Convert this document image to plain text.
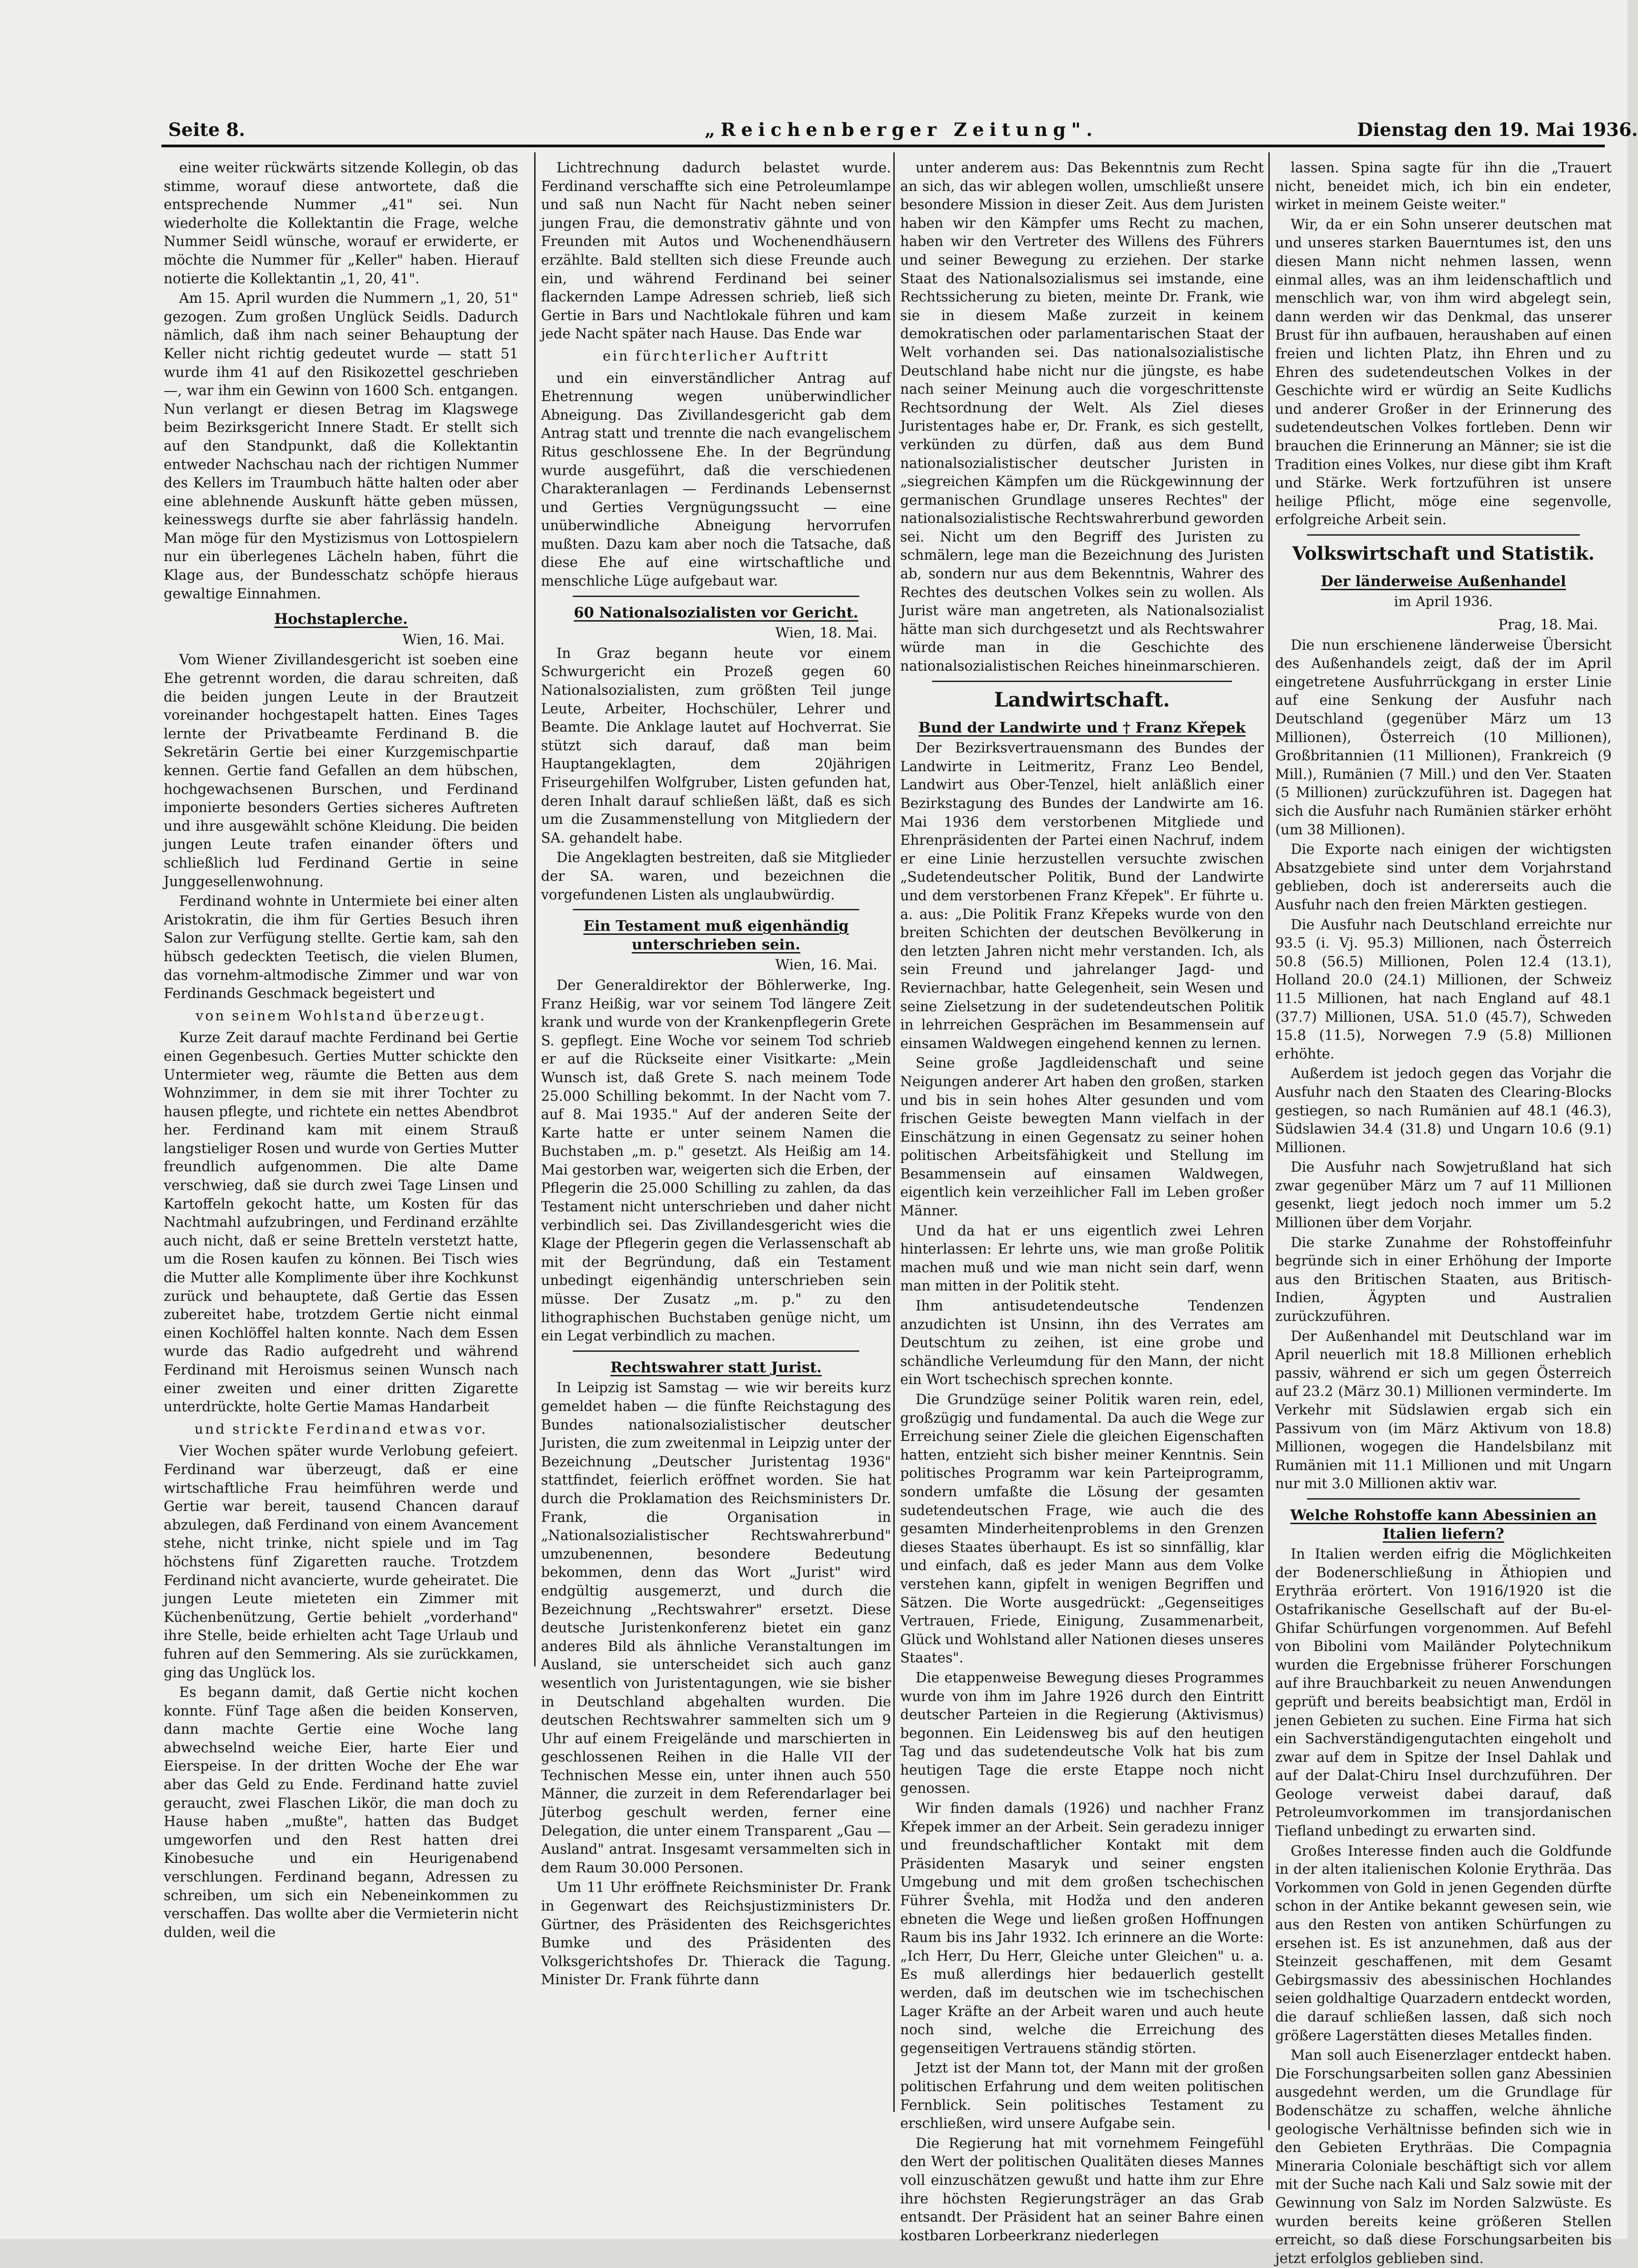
Seite 8.	„Reichenberger Zeitung".	Dienstag den 19. Mai 1936.

eine weiter rückwärts sitzende Kollegin, ob das stimme, worauf diese antwortete, daß die entsprechende Nummer „41" sei. Nun wiederholte die Kollektantin die Frage, welche Nummer Seidl wünsche, worauf er erwiderte, er möchte die Nummer für „Keller" haben. Hierauf notierte die Kollektantin „1, 20, 41".

Am 15. April wurden die Nummern „1, 20, 51" gezogen. Zum großen Unglück Seidls. Dadurch nämlich, daß ihm nach seiner Behauptung der Keller nicht richtig gedeutet wurde — statt 51 wurde ihm 41 auf den Risikozettel geschrieben —, war ihm ein Gewinn von 1600 Sch. entgangen. Nun verlangt er diesen Betrag im Klagswege beim Bezirksgericht Innere Stadt. Er stellt sich auf den Standpunkt, daß die Kollektantin entweder Nachschau nach der richtigen Nummer des Kellers im Traumbuch hätte halten oder aber eine ablehnende Auskunft hätte geben müssen, keinesswegs durfte sie aber fahrlässig handeln. Man möge für den Mystizismus von Lottospielern nur ein überlegenes Lächeln haben, führt die Klage aus, der Bundesschatz schöpfe hieraus gewaltige Einnahmen.

Hochstaplerche.
Wien, 16. Mai.

Vom Wiener Zivillandesgericht ist soeben eine Ehe getrennt worden, die darau schreiten, daß die beiden jungen Leute in der Brautzeit voreinander hochgestapelt hatten. Eines Tages lernte der Privatbeamte Ferdinand B. die Sekretärin Gertie bei einer Kurzgemischpartie kennen. Gertie fand Gefallen an dem hübschen, hochgewachsenen Burschen, und Ferdinand imponierte besonders Gerties sicheres Auftreten und ihre ausgewählt schöne Kleidung. Die beiden jungen Leute trafen einander öfters und schließlich lud Ferdinand Gertie in seine Junggesellenwohnung.

Ferdinand wohnte in Untermiete bei einer alten Aristokratin, die ihm für Gerties Besuch ihren Salon zur Verfügung stellte. Gertie kam, sah den hübsch gedeckten Teetisch, die vielen Blumen, das vornehm-altmodische Zimmer und war von Ferdinands Geschmack begeistert und

von seinem Wohlstand überzeugt.

Kurze Zeit darauf machte Ferdinand bei Gertie einen Gegenbesuch. Gerties Mutter schickte den Untermieter weg, räumte die Betten aus dem Wohnzimmer, in dem sie mit ihrer Tochter zu hausen pflegte, und richtete ein nettes Abendbrot her. Ferdinand kam mit einem Strauß langstieliger Rosen und wurde von Gerties Mutter freundlich aufgenommen. Die alte Dame verschwieg, daß sie durch zwei Tage Linsen und Kartoffeln gekocht hatte, um Kosten für das Nachtmahl aufzubringen, und Ferdinand erzählte auch nicht, daß er seine Bretteln verstetzt hatte, um die Rosen kaufen zu können. Bei Tisch wies die Mutter alle Komplimente über ihre Kochkunst zurück und behauptete, daß Gertie das Essen zubereitet habe, trotzdem Gertie nicht einmal einen Kochlöffel halten konnte. Nach dem Essen wurde das Radio aufgedreht und während Ferdinand mit Heroismus seinen Wunsch nach einer zweiten und einer dritten Zigarette unterdrückte, holte Gertie Mamas Handarbeit

und strickte Ferdinand etwas vor.

Vier Wochen später wurde Verlobung gefeiert. Ferdinand war überzeugt, daß er eine wirtschaftliche Frau heimführen werde und Gertie war bereit, tausend Chancen darauf abzulegen, daß Ferdinand von einem Avancement stehe, nicht trinke, nicht spiele und im Tag höchstens fünf Zigaretten rauche. Trotzdem Ferdinand nicht avancierte, wurde geheiratet. Die jungen Leute mieteten ein Zimmer mit Küchenbenützung, Gertie behielt „vorderhand" ihre Stelle, beide erhielten acht Tage Urlaub und fuhren auf den Semmering. Als sie zurückkamen, ging das Unglück los.

Es begann damit, daß Gertie nicht kochen konnte. Fünf Tage aßen die beiden Konserven, dann machte Gertie eine Woche lang abwechselnd weiche Eier, harte Eier und Eierspeise. In der dritten Woche der Ehe war aber das Geld zu Ende. Ferdinand hatte zuviel geraucht, zwei Flaschen Likör, die man doch zu Hause haben „mußte", hatten das Budget umgeworfen und den Rest hatten drei Kinobesuche und ein Heurigenabend verschlungen. Ferdinand begann, Adressen zu schreiben, um sich ein Nebeneinkommen zu verschaffen. Das wollte aber die Vermieterin nicht dulden, weil die

Lichtrechnung dadurch belastet wurde. Ferdinand verschaffte sich eine Petroleumlampe und saß nun Nacht für Nacht neben seiner jungen Frau, die demonstrativ gähnte und von Freunden mit Autos und Wochenendhäusern erzählte. Bald stellten sich diese Freunde auch ein, und während Ferdinand bei seiner flackernden Lampe Adressen schrieb, ließ sich Gertie in Bars und Nachtlokale führen und kam jede Nacht später nach Hause. Das Ende war

ein fürchterlicher Auftritt

und ein einverständlicher Antrag auf Ehetrennung wegen unüberwindlicher Abneigung. Das Zivillandesgericht gab dem Antrag statt und trennte die nach evangelischem Ritus geschlossene Ehe. In der Begründung wurde ausgeführt, daß die verschiedenen Charakteranlagen — Ferdinands Lebensernst und Gerties Vergnügungssucht — eine unüberwindliche Abneigung hervorrufen mußten. Dazu kam aber noch die Tatsache, daß diese Ehe auf eine wirtschaftliche und menschliche Lüge aufgebaut war.

60 Nationalsozialisten vor Gericht.
Wien, 18. Mai.

In Graz begann heute vor einem Schwurgericht ein Prozeß gegen 60 Nationalsozialisten, zum größten Teil junge Leute, Arbeiter, Hochschüler, Lehrer und Beamte. Die Anklage lautet auf Hochverrat. Sie stützt sich darauf, daß man beim Hauptangeklagten, dem 20jährigen Friseurgehilfen Wolfgruber, Listen gefunden hat, deren Inhalt darauf schließen läßt, daß es sich um die Zusammenstellung von Mitgliedern der SA. gehandelt habe.

Die Angeklagten bestreiten, daß sie Mitglieder der SA. waren, und bezeichnen die vorgefundenen Listen als unglaubwürdig.

Ein Testament muß eigenhändig unterschrieben sein.
Wien, 16. Mai.

Der Generaldirektor der Böhlerwerke, Ing. Franz Heißig, war vor seinem Tod längere Zeit krank und wurde von der Krankenpflegerin Grete S. gepflegt. Eine Woche vor seinem Tod schrieb er auf die Rückseite einer Visitkarte: „Mein Wunsch ist, daß Grete S. nach meinem Tode 25.000 Schilling bekommt. In der Nacht vom 7. auf 8. Mai 1935." Auf der anderen Seite der Karte hatte er unter seinem Namen die Buchstaben „m. p." gesetzt. Als Heißig am 14. Mai gestorben war, weigerten sich die Erben, der Pflegerin die 25.000 Schilling zu zahlen, da das Testament nicht unterschrieben und daher nicht verbindlich sei. Das Zivillandesgericht wies die Klage der Pflegerin gegen die Verlassenschaft ab mit der Begründung, daß ein Testament unbedingt eigenhändig unterschrieben sein müsse. Der Zusatz „m. p." zu den lithographischen Buchstaben genüge nicht, um ein Legat verbindlich zu machen.

Rechtswahrer statt Jurist.

In Leipzig ist Samstag — wie wir bereits kurz gemeldet haben — die fünfte Reichstagung des Bundes nationalsozialistischer deutscher Juristen, die zum zweitenmal in Leipzig unter der Bezeichnung „Deutscher Juristentag 1936" stattfindet, feierlich eröffnet worden. Sie hat durch die Proklamation des Reichsministers Dr. Frank, die Organisation in „Nationalsozialistischer Rechtswahrerbund" umzubenennen, besondere Bedeutung bekommen, denn das Wort „Jurist" wird endgültig ausgemerzt, und durch die Bezeichnung „Rechtswahrer" ersetzt. Diese deutsche Juristenkonferenz bietet ein ganz anderes Bild als ähnliche Veranstaltungen im Ausland, sie unterscheidet sich auch ganz wesentlich von Juristentagungen, wie sie bisher in Deutschland abgehalten wurden. Die deutschen Rechtswahrer sammelten sich um 9 Uhr auf einem Freigelände und marschierten in geschlossenen Reihen in die Halle VII der Technischen Messe ein, unter ihnen auch 550 Männer, die zurzeit in dem Referendarlager bei Jüterbog geschult werden, ferner eine Delegation, die unter einem Transparent „Gau — Ausland" antrat. Insgesamt versammelten sich in dem Raum 30.000 Personen.

Um 11 Uhr eröffnete Reichsminister Dr. Frank in Gegenwart des Reichsjustizministers Dr. Gürtner, des Präsidenten des Reichsgerichtes Bumke und des Präsidenten des Volksgerichtshofes Dr. Thierack die Tagung. Minister Dr. Frank führte dann

unter anderem aus: Das Bekenntnis zum Recht an sich, das wir ablegen wollen, umschließt unsere besondere Mission in dieser Zeit. Aus dem Juristen haben wir den Kämpfer ums Recht zu machen, haben wir den Vertreter des Willens des Führers und seiner Bewegung zu erziehen. Der starke Staat des Nationalsozialismus sei imstande, eine Rechtssicherung zu bieten, meinte Dr. Frank, wie sie in diesem Maße zurzeit in keinem demokratischen oder parlamentarischen Staat der Welt vorhanden sei. Das nationalsozialistische Deutschland habe nicht nur die jüngste, es habe nach seiner Meinung auch die vorgeschrittenste Rechtsordnung der Welt. Als Ziel dieses Juristentages habe er, Dr. Frank, es sich gestellt, verkünden zu dürfen, daß aus dem Bund nationalsozialistischer deutscher Juristen in „siegreichen Kämpfen um die Rückgewinnung der germanischen Grundlage unseres Rechtes" der nationalsozialistische Rechtswahrerbund geworden sei. Nicht um den Begriff des Juristen zu schmälern, lege man die Bezeichnung des Juristen ab, sondern nur aus dem Bekenntnis, Wahrer des Rechtes des deutschen Volkes sein zu wollen. Als Jurist wäre man angetreten, als Nationalsozialist hätte man sich durchgesetzt und als Rechtswahrer würde man in die Geschichte des nationalsozialistischen Reiches hineinmarschieren.

Landwirtschaft.
Bund der Landwirte und † Franz Křepek

Der Bezirksvertrauensmann des Bundes der Landwirte in Leitmeritz, Franz Leo Bendel, Landwirt aus Ober-Tenzel, hielt anläßlich einer Bezirkstagung des Bundes der Landwirte am 16. Mai 1936 dem verstorbenen Mitgliede und Ehrenpräsidenten der Partei einen Nachruf, indem er eine Linie herzustellen versuchte zwischen „Sudetendeutscher Politik, Bund der Landwirte und dem verstorbenen Franz Křepek". Er führte u. a. aus: „Die Politik Franz Křepeks wurde von den breiten Schichten der deutschen Bevölkerung in den letzten Jahren nicht mehr verstanden. Ich, als sein Freund und jahrelanger Jagd- und Reviernachbar, hatte Gelegenheit, sein Wesen und seine Zielsetzung in der sudetendeutschen Politik in lehrreichen Gesprächen im Besammensein auf einsamen Waldwegen eingehend kennen zu lernen.

Seine große Jagdleidenschaft und seine Neigungen anderer Art haben den großen, starken und bis in sein hohes Alter gesunden und vom frischen Geiste bewegten Mann vielfach in der Einschätzung in einen Gegensatz zu seiner hohen politischen Arbeitsfähigkeit und Stellung im Besammensein auf einsamen Waldwegen, eigentlich kein verzeihlicher Fall im Leben großer Männer.

Und da hat er uns eigentlich zwei Lehren hinterlassen: Er lehrte uns, wie man große Politik machen muß und wie man nicht sein darf, wenn man mitten in der Politik steht.

Ihm antisudetendeutsche Tendenzen anzudichten ist Unsinn, ihn des Verrates am Deutschtum zu zeihen, ist eine grobe und schändliche Verleumdung für den Mann, der nicht ein Wort tschechisch sprechen konnte.

Die Grundzüge seiner Politik waren rein, edel, großzügig und fundamental. Da auch die Wege zur Erreichung seiner Ziele die gleichen Eigenschaften hatten, entzieht sich bisher meiner Kenntnis. Sein politisches Programm war kein Parteiprogramm, sondern umfaßte die Lösung der gesamten sudetendeutschen Frage, wie auch die des gesamten Minderheitenproblems in den Grenzen dieses Staates überhaupt. Es ist so sinnfällig, klar und einfach, daß es jeder Mann aus dem Volke verstehen kann, gipfelt in wenigen Begriffen und Sätzen. Die Worte ausgedrückt: „Gegenseitiges Vertrauen, Friede, Einigung, Zusammenarbeit, Glück und Wohlstand aller Nationen dieses unseres Staates".

Die etappenweise Bewegung dieses Programmes wurde von ihm im Jahre 1926 durch den Eintritt deutscher Parteien in die Regierung (Aktivismus) begonnen. Ein Leidensweg bis auf den heutigen Tag und das sudetendeutsche Volk hat bis zum heutigen Tage die erste Etappe noch nicht genossen.

Wir finden damals (1926) und nachher Franz Křepek immer an der Arbeit. Sein geradezu inniger und freundschaftlicher Kontakt mit dem Präsidenten Masaryk und seiner engsten Umgebung und mit dem großen tschechischen Führer Švehla, mit Hodža und den anderen ebneten die Wege und ließen großen Hoffnungen Raum bis ins Jahr 1932. Ich erinnere an die Worte: „Ich Herr, Du Herr, Gleiche unter Gleichen" u. a. Es muß allerdings hier bedauerlich gestellt werden, daß im deutschen wie im tschechischen Lager Kräfte an der Arbeit waren und auch heute noch sind, welche die Erreichung des gegenseitigen Vertrauens ständig störten.

Jetzt ist der Mann tot, der Mann mit der großen politischen Erfahrung und dem weiten politischen Fernblick. Sein politisches Testament zu erschließen, wird unsere Aufgabe sein.

Die Regierung hat mit vornehmem Feingefühl den Wert der politischen Qualitäten dieses Mannes voll einzuschätzen gewußt und hatte ihm zur Ehre ihre höchsten Regierungsträger an das Grab entsandt. Der Präsident hat an seiner Bahre einen kostbaren Lorbeerkranz niederlegen

lassen. Spina sagte für ihn die „Trauert nicht, beneidet mich, ich bin ein endeter, wirket in meinem Geiste weiter."

Wir, da er ein Sohn unserer deutschen mat und unseres starken Bauerntumes ist, den uns diesen Mann nicht nehmen lassen, wenn einmal alles, was an ihm leidenschaftlich und menschlich war, von ihm wird abgelegt sein, dann werden wir das Denkmal, das unserer Brust für ihn aufbauen, heraushaben auf einen freien und lichten Platz, ihn Ehren und zu Ehren des sudetendeutschen Volkes in der Geschichte wird er würdig an Seite Kudlichs und anderer Großer in der Erinnerung des sudetendeutschen Volkes fortleben. Denn wir brauchen die Erinnerung an Männer; sie ist die Tradition eines Volkes, nur diese gibt ihm Kraft und Stärke. Werk fortzuführen ist unsere heilige Pflicht, möge eine segenvolle, erfolgreiche Arbeit sein.

Volkswirtschaft und Statistik.
Der länderweise Außenhandel
im April 1936.
Prag, 18. Mai.

Die nun erschienene länderweise Übersicht des Außenhandels zeigt, daß der im April eingetretene Ausfuhrrückgang in erster Linie auf eine Senkung der Ausfuhr nach Deutschland (gegenüber März um 13 Millionen), Österreich (10 Millionen), Großbritannien (11 Millionen), Frankreich (9 Mill.), Rumänien (7 Mill.) und den Ver. Staaten (5 Millionen) zurückzuführen ist. Dagegen hat sich die Ausfuhr nach Rumänien stärker erhöht (um 38 Millionen).

Die Exporte nach einigen der wichtigsten Absatzgebiete sind unter dem Vorjahrstand geblieben, doch ist andererseits auch die Ausfuhr nach den freien Märkten gestiegen.

Die Ausfuhr nach Deutschland erreichte nur 93.5 (i. Vj. 95.3) Millionen, nach Österreich 50.8 (56.5) Millionen, Polen 12.4 (13.1), Holland 20.0 (24.1) Millionen, der Schweiz 11.5 Millionen, hat nach England auf 48.1 (37.7) Millionen, USA. 51.0 (45.7), Schweden 15.8 (11.5), Norwegen 7.9 (5.8) Millionen erhöhte.

Außerdem ist jedoch gegen das Vorjahr die Ausfuhr nach den Staaten des Clearing-Blocks gestiegen, so nach Rumänien auf 48.1 (46.3), Südslawien 34.4 (31.8) und Ungarn 10.6 (9.1) Millionen.

Die Ausfuhr nach Sowjetrußland hat sich zwar gegenüber März um 7 auf 11 Millionen gesenkt, liegt jedoch noch immer um 5.2 Millionen über dem Vorjahr.

Die starke Zunahme der Rohstoffeinfuhr begründe sich in einer Erhöhung der Importe aus den Britischen Staaten, aus Britisch-Indien, Ägypten und Australien zurückzuführen.

Der Außenhandel mit Deutschland war im April neuerlich mit 18.8 Millionen erheblich passiv, während er sich um gegen Österreich auf 23.2 (März 30.1) Millionen verminderte. Im Verkehr mit Südslawien ergab sich ein Passivum von (im März Aktivum von 18.8) Millionen, wogegen die Handelsbilanz mit Rumänien mit 11.1 Millionen und mit Ungarn nur mit 3.0 Millionen aktiv war.

Welche Rohstoffe kann Abessinien an Italien liefern?

In Italien werden eifrig die Möglichkeiten der Bodenerschließung in Äthiopien und Erythräa erörtert. Von 1916/1920 ist die Ostafrikanische Gesellschaft auf der Bu-el-Ghifar Schürfungen vorgenommen. Auf Befehl von Bibolini vom Mailänder Polytechnikum wurden die Ergebnisse früherer Forschungen auf ihre Brauchbarkeit zu neuen Anwendungen geprüft und bereits beabsichtigt man, Erdöl in jenen Gebieten zu suchen. Eine Firma hat sich ein Sachverständigengutachten eingeholt und zwar auf dem in Spitze der Insel Dahlak und auf der Dalat-Chiru Insel durchzuführen. Der Geologe verweist dabei darauf, daß Petroleumvorkommen im transjordanischen Tiefland unbedingt zu erwarten sind.

Großes Interesse finden auch die Goldfunde in der alten italienischen Kolonie Erythräa. Das Vorkommen von Gold in jenen Gegenden dürfte schon in der Antike bekannt gewesen sein, wie aus den Resten von antiken Schürfungen zu ersehen ist. Es ist anzunehmen, daß aus der Steinzeit geschaffenen, mit dem Gesamt Gebirgsmassiv des abessinischen Hochlandes seien goldhaltige Quarzadern entdeckt worden, die darauf schließen lassen, daß sich noch größere Lagerstätten dieses Metalles finden.

Man soll auch Eisenerzlager entdeckt haben. Die Forschungsarbeiten sollen ganz Abessinien ausgedehnt werden, um die Grundlage für Bodenschätze zu schaffen, welche ähnliche geologische Verhältnisse befinden sich wie in den Gebieten Erythräas. Die Compagnia Mineraria Coloniale beschäftigt sich vor allem mit der Suche nach Kali und Salz sowie mit der Gewinnung von Salz im Norden Salzwüste. Es wurden bereits keine größeren Stellen erreicht, so daß diese Forschungsarbeiten bis jetzt erfolglos geblieben sind.
